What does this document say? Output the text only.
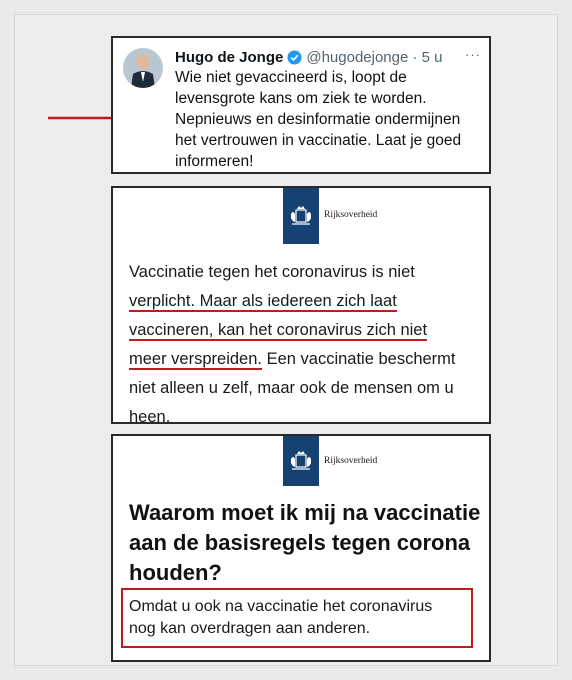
Hugo de Jonge @hugodejonge · 5 u ···
Wie niet gevaccineerd is, loopt de
levensgrote kans om ziek te worden.
Nepnieuws en desinformatie ondermijnen
het vertrouwen in vaccinatie. Laat je goed
informeren!
Rijksoverheid
Vaccinatie tegen het coronavirus is niet
verplicht. Maar als iedereen zich laat
vaccineren, kan het coronavirus zich niet
meer verspreiden. Een vaccinatie beschermt
niet alleen u zelf, maar ook de mensen om u
heen.
Rijksoverheid
Waarom moet ik mij na vaccinatie
aan de basisregels tegen corona
houden?
Omdat u ook na vaccinatie het coronavirus
nog kan overdragen aan anderen.
